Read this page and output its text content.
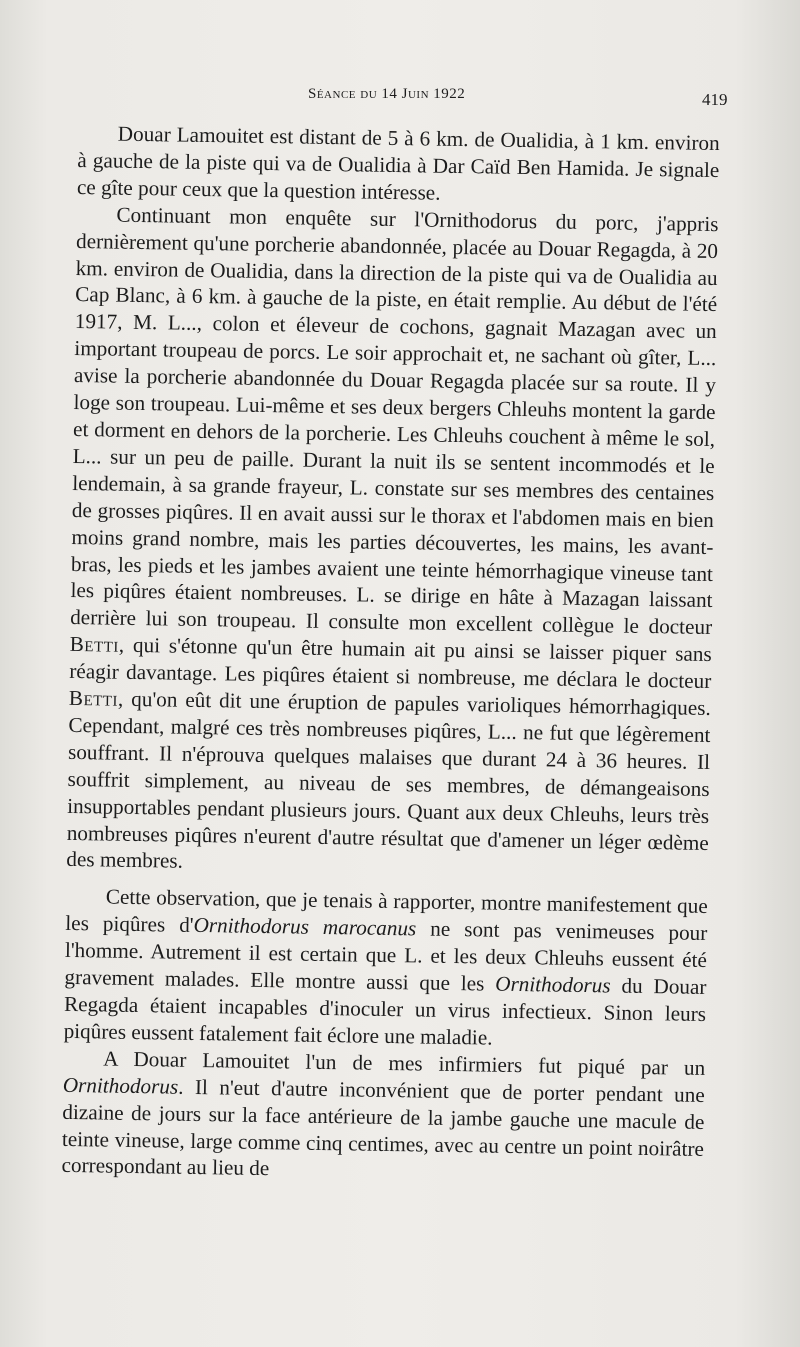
Séance du 14 Juin 1922	419

Douar Lamouitet est distant de 5 à 6 km. de Oualidia, à 1 km. environ à gauche de la piste qui va de Oualidia à Dar Caïd Ben Hamida. Je signale ce gîte pour ceux que la question intéresse.

Continuant mon enquête sur l'Ornithodorus du porc, j'appris dernièrement qu'une porcherie abandonnée, placée au Douar Regagda, à 20 km. environ de Oualidia, dans la direction de la piste qui va de Oualidia au Cap Blanc, à 6 km. à gauche de la piste, en était remplie. Au début de l'été 1917, M. L..., colon et éleveur de cochons, gagnait Mazagan avec un important troupeau de porcs. Le soir approchait et, ne sachant où gîter, L... avise la porcherie abandonnée du Douar Regagda placée sur sa route. Il y loge son troupeau. Lui-même et ses deux bergers Chleuhs montent la garde et dorment en dehors de la porcherie. Les Chleuhs couchent à même le sol, L... sur un peu de paille. Durant la nuit ils se sentent incommodés et le lendemain, à sa grande frayeur, L. constate sur ses membres des centaines de grosses piqûres. Il en avait aussi sur le thorax et l'abdomen mais en bien moins grand nombre, mais les parties découvertes, les mains, les avant-bras, les pieds et les jambes avaient une teinte hémorrhagique vineuse tant les piqûres étaient nombreuses. L. se dirige en hâte à Mazagan laissant derrière lui son troupeau. Il consulte mon excellent collègue le docteur Betti, qui s'étonne qu'un être humain ait pu ainsi se laisser piquer sans réagir davantage. Les piqûres étaient si nombreuse, me déclara le docteur Betti, qu'on eût dit une éruption de papules varioliques hémorrhagiques. Cependant, malgré ces très nombreuses piqûres, L... ne fut que légèrement souffrant. Il n'éprouva quelques malaises que durant 24 à 36 heures. Il souffrit simplement, au niveau de ses membres, de démangeaisons insupportables pendant plusieurs jours. Quant aux deux Chleuhs, leurs très nombreuses piqûres n'eurent d'autre résultat que d'amener un léger œdème des membres.

Cette observation, que je tenais à rapporter, montre manifestement que les piqûres d'Ornithodorus marocanus ne sont pas venimeuses pour l'homme. Autrement il est certain que L. et les deux Chleuhs eussent été gravement malades. Elle montre aussi que les Ornithodorus du Douar Regagda étaient incapables d'inoculer un virus infectieux. Sinon leurs piqûres eussent fatalement fait éclore une maladie.

A Douar Lamouitet l'un de mes infirmiers fut piqué par un Ornithodorus. Il n'eut d'autre inconvénient que de porter pendant une dizaine de jours sur la face antérieure de la jambe gauche une macule de teinte vineuse, large comme cinq centimes, avec au centre un point noirâtre correspondant au lieu de
